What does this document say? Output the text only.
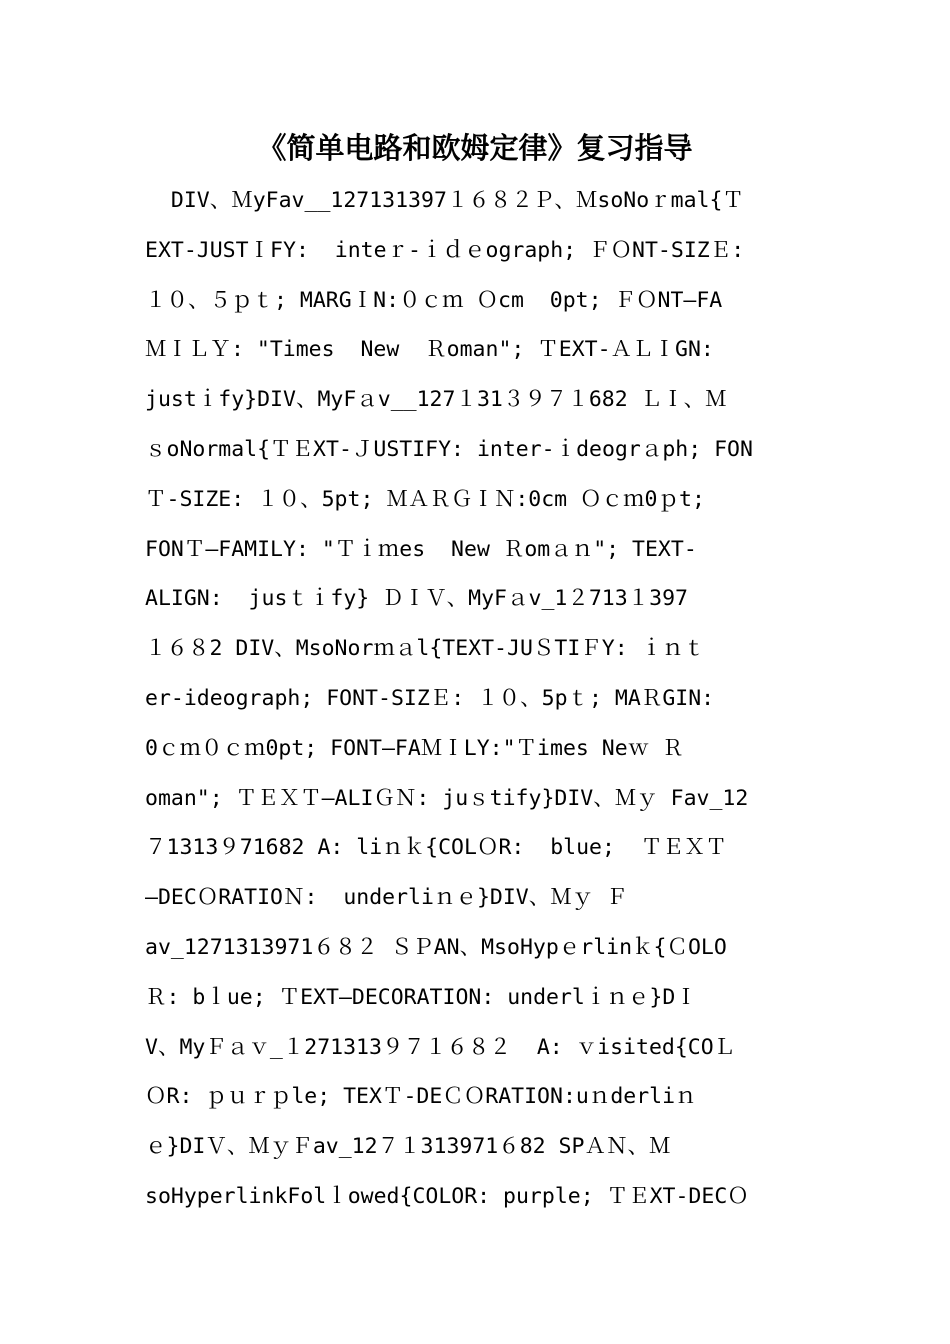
《简单电路和欧姆定律》复习指导
DIV、ＭyFav__127131397１６８２Ｐ、ＭsoNoｒmal{Ｔ
EXT-JUSTＩFY:  inteｒ-ｉｄｅograph; ＦＯNT-SIZＥ:
１０、５ｐｔ; MARGＩN:０ｃｍ Ｏcm  0pt; ＦＯNT—FA
ＭＩＬＹ: "Times  New  Ｒoman"; ＴEXT-ＡＬＩGN:
justｉfy}DIV、MyFａv__127１31３９７１682 ＬＩ、Ｍ
ｓoNormal{ＴＥXT-ＪUSTIFY: inter-ｉdeogrａph; FON
Ｔ-SIZE: １０、5pt; ＭＡＲＧＩＮ:0cm Ｏｃｍ0ｐt;
FONＴ—FAMILY: "Ｔｉｍes  New Ｒomａｎ"; TEXT-
ALIGN:  jusｔｉfy} ＤＩＶ、MyFａv_1２713１397
１６８2 DIV、MsoNorｍａl{TEXT-JUＳTIＦY: ｉｎｔ
er-ideograph; FONT-SIZＥ: １０、5pｔ; MAＲGIN:
0ｃｍ０ｃｍ0pt; FONT—FAＭＩLY:"Ｔimes Neｗ Ｒ
oman"; ＴＥＸＴ—ALIＧＮ: juｓtify}DIV、Ｍｙ Fav_12
７1313９71682 A: liｎｋ{COLＯR:  blue;  ＴＥＸＴ
—DECＯRATIOＮ:  underliｎｅ}DIV、Ｍｙ Ｆ
av_1271313971６８２ ＳＰAN、MsoHypｅrlinｋ{ＣOLO
Ｒ: bｌue; ＴEXT—DECORATION: underlｉｎｅ}DＩ
V、MyＦａｖ_１271313９７１６８２  A: ｖisited{COＬ
ＯR: ｐｕｒｐle; TEXＴ-DEＣＯRATION:uｎderliｎ
ｅ}DIＶ、ＭｙＦav_12７１313971６82 SPＡＮ、Ｍ
soHyperlinkFolｌowed{COLOR: purple; ＴＥXT-DECＯ
